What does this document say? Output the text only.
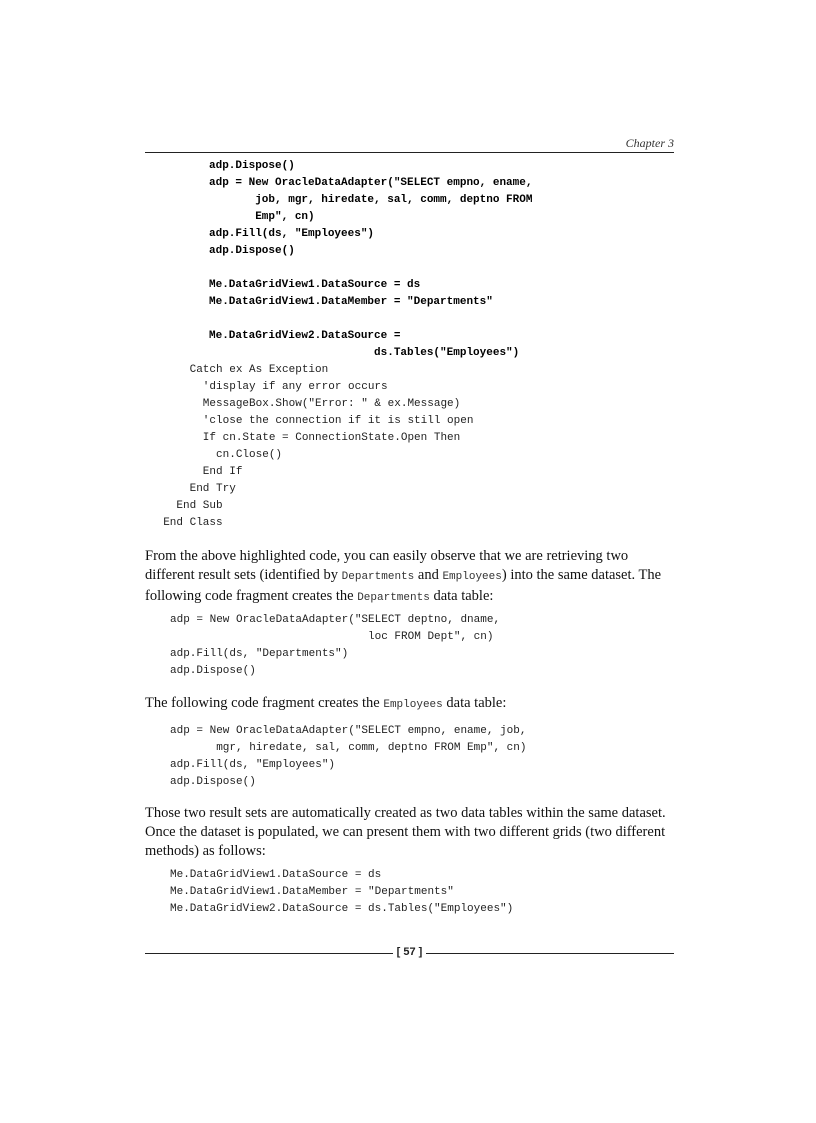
Chapter 3
adp.Dispose()
adp = New OracleDataAdapter("SELECT empno, ename,
job, mgr, hiredate, sal, comm, deptno FROM
Emp", cn)
adp.Fill(ds, "Employees")
adp.Dispose()

Me.DataGridView1.DataSource = ds
Me.DataGridView1.DataMember = "Departments"

Me.DataGridView2.DataSource =
ds.Tables("Employees")
Catch ex As Exception
'display if any error occurs
MessageBox.Show("Error: " & ex.Message)
'close the connection if it is still open
If cn.State = ConnectionState.Open Then
cn.Close()
End If
End Try
End Sub
End Class

From the above highlighted code, you can easily observe that we are retrieving two different result sets (identified by Departments and Employees) into the same dataset. The following code fragment creates the Departments data table:

adp = New OracleDataAdapter("SELECT deptno, dname,
loc FROM Dept", cn)
adp.Fill(ds, "Departments")
adp.Dispose()

The following code fragment creates the Employees data table:

adp = New OracleDataAdapter("SELECT empno, ename, job,
mgr, hiredate, sal, comm, deptno FROM Emp", cn)
adp.Fill(ds, "Employees")
adp.Dispose()

Those two result sets are automatically created as two data tables within the same dataset. Once the dataset is populated, we can present them with two different grids (two different methods) as follows:

Me.DataGridView1.DataSource = ds
Me.DataGridView1.DataMember = "Departments"
Me.DataGridView2.DataSource = ds.Tables("Employees")
[ 57 ]
